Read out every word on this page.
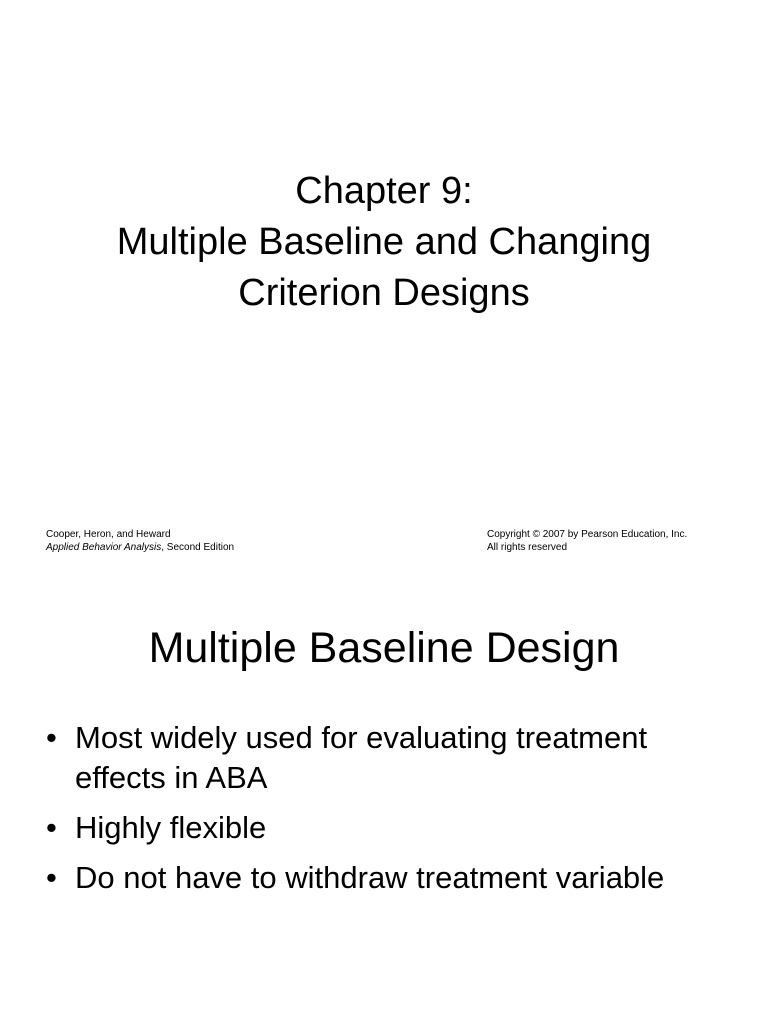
Chapter 9:
Multiple Baseline and Changing
Criterion Designs
Cooper, Heron, and Heward
Applied Behavior Analysis, Second Edition
Copyright © 2007 by Pearson Education, Inc.
All rights reserved
Multiple Baseline Design
• Most widely used for evaluating treatment effects in ABA
• Highly flexible
• Do not have to withdraw treatment variable
